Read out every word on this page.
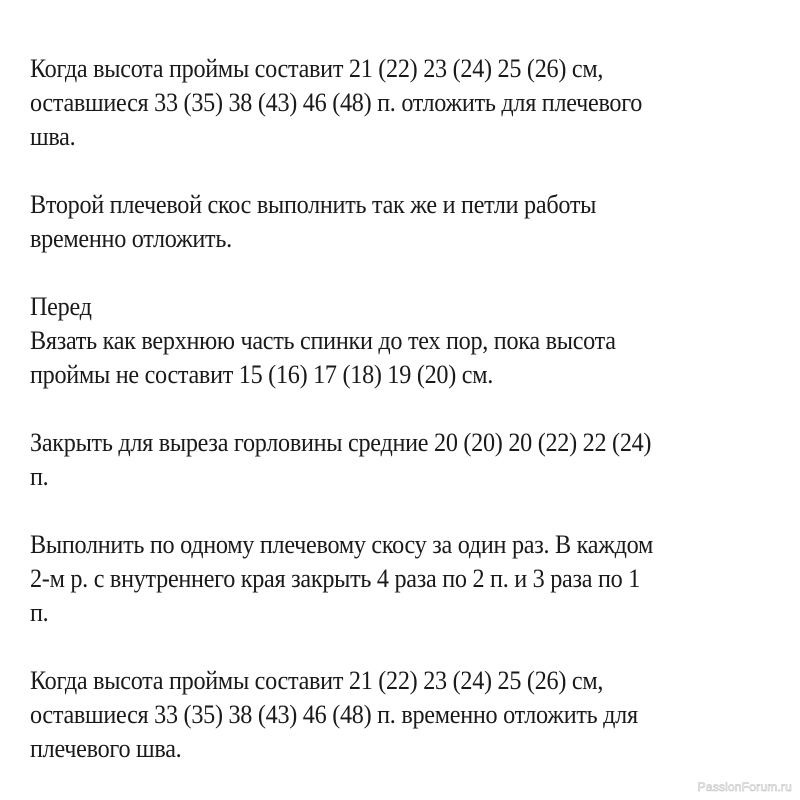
Когда высота проймы составит 21 (22) 23 (24) 25 (26) см,
оставшиеся 33 (35) 38 (43) 46 (48) п. отложить для плечевого
шва.
Второй плечевой скос выполнить так же и петли работы
временно отложить.
Перед
Вязать как верхнюю часть спинки до тех пор, пока высота
проймы не составит 15 (16) 17 (18) 19 (20) см.
Закрыть для выреза горловины средние 20 (20) 20 (22) 22 (24)
п.
Выполнить по одному плечевому скосу за один раз. В каждом
2-м р. с внутреннего края закрыть 4 раза по 2 п. и 3 раза по 1
п.
Когда высота проймы составит 21 (22) 23 (24) 25 (26) см,
оставшиеся 33 (35) 38 (43) 46 (48) п. временно отложить для
плечевого шва.
PassionForum.ru
